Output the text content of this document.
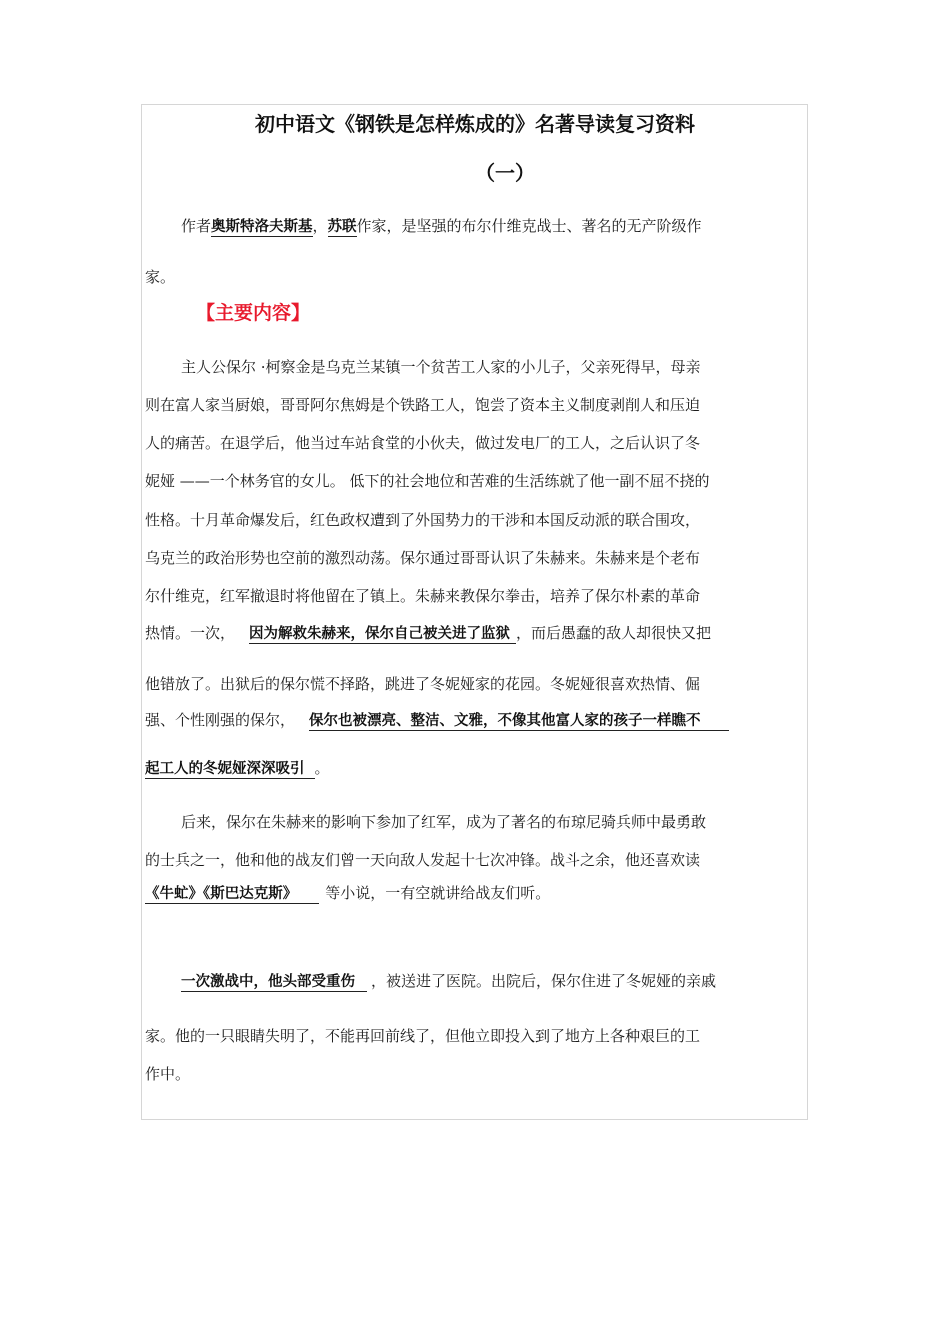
初中语文《钢铁是怎样炼成的》名著导读复习资料
（一）
作者奥斯特洛夫斯基，苏联作家，是坚强的布尔什维克战士、著名的无产阶级作
家。
【主要内容】
主人公保尔 ·柯察金是乌克兰某镇一个贫苦工人家的小儿子，父亲死得早，母亲
则在富人家当厨娘，哥哥阿尔焦姆是个铁路工人，饱尝了资本主义制度剥削人和压迫
人的痛苦。在退学后，他当过车站食堂的小伙夫，做过发电厂的工人，之后认识了冬
妮娅 ——一个林务官的女儿。 低下的社会地位和苦难的生活练就了他一副不屈不挠的
性格。十月革命爆发后，红色政权遭到了外国势力的干涉和本国反动派的联合围攻，
乌克兰的政治形势也空前的激烈动荡。保尔通过哥哥认识了朱赫来。朱赫来是个老布
尔什维克，红军撤退时将他留在了镇上。朱赫来教保尔拳击，培养了保尔朴素的革命
热情。一次， 因为解救朱赫来，保尔自己被关进了监狱 ，而后愚蠢的敌人却很快又把
他错放了。出狱后的保尔慌不择路，跳进了冬妮娅家的花园。冬妮娅很喜欢热情、倔
强、个性刚强的保尔， 保尔也被漂亮、整洁、文雅，不像其他富人家的孩子一样瞧不
起工人的冬妮娅深深吸引 。
后来，保尔在朱赫来的影响下参加了红军，成为了著名的布琼尼骑兵师中最勇敢
的士兵之一，他和他的战友们曾一天向敌人发起十七次冲锋。战斗之余，他还喜欢读
《牛虻》《斯巴达克斯》 等小说，一有空就讲给战友们听。
一次激战中，他头部受重伤 ，被送进了医院。出院后，保尔住进了冬妮娅的亲戚
家。他的一只眼睛失明了，不能再回前线了，但他立即投入到了地方上各种艰巨的工
作中。
